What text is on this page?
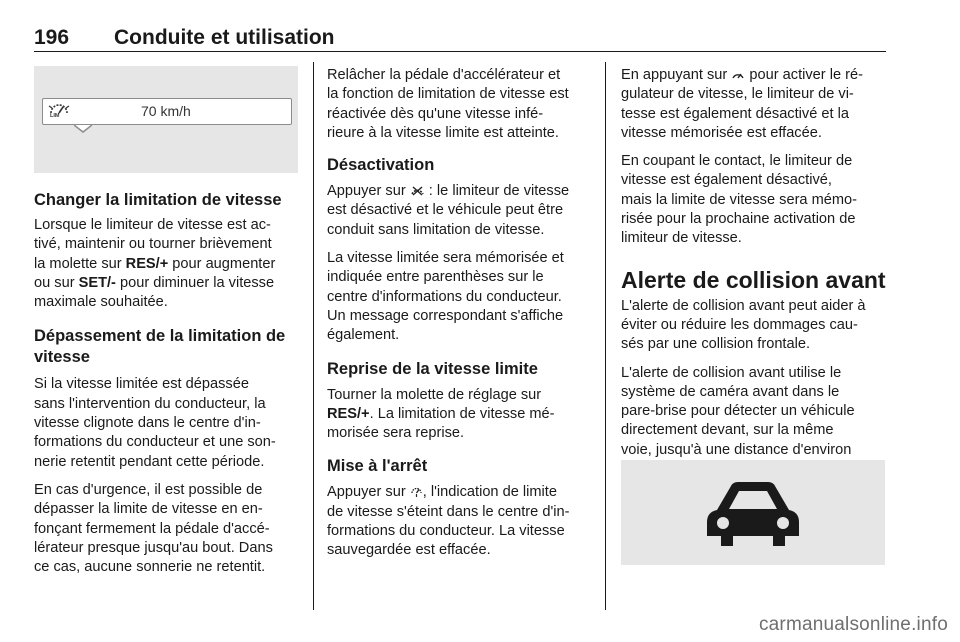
196 Conduite et utilisation
LIM	70 km/h
Changer la limitation de vitesse

Lorsque le limiteur de vitesse est ac-
tivé, maintenir ou tourner brièvement
la molette sur RES/+ pour augmenter
ou sur SET/- pour diminuer la vitesse
maximale souhaitée.

Dépassement de la limitation de
vitesse

Si la vitesse limitée est dépassée
sans l'intervention du conducteur, la
vitesse clignote dans le centre d'in-
formations du conducteur et une son-
nerie retentit pendant cette période.

En cas d'urgence, il est possible de
dépasser la limite de vitesse en en-
fonçant fermement la pédale d'accé-
lérateur presque jusqu'au bout. Dans
ce cas, aucune sonnerie ne retentit.

Relâcher la pédale d'accélérateur et
la fonction de limitation de vitesse est
réactivée dès qu'une vitesse infé-
rieure à la vitesse limite est atteinte.

Désactivation

Appuyer sur  : le limiteur de vitesse
est désactivé et le véhicule peut être
conduit sans limitation de vitesse.

La vitesse limitée sera mémorisée et
indiquée entre parenthèses sur le
centre d'informations du conducteur.
Un message correspondant s'affiche
également.

Reprise de la vitesse limite

Tourner la molette de réglage sur
RES/+. La limitation de vitesse mé-
morisée sera reprise.

Mise à l'arrêt

Appuyer sur , l'indication de limite
de vitesse s'éteint dans le centre d'in-
formations du conducteur. La vitesse
sauvegardée est effacée.

En appuyant sur  pour activer le ré-
gulateur de vitesse, le limiteur de vi-
tesse est également désactivé et la
vitesse mémorisée est effacée.

En coupant le contact, le limiteur de
vitesse est également désactivé,
mais la limite de vitesse sera mémo-
risée pour la prochaine activation de
limiteur de vitesse.

Alerte de collision avant

L'alerte de collision avant peut aider à
éviter ou réduire les dommages cau-
sés par une collision frontale.

L'alerte de collision avant utilise le
système de caméra avant dans le
pare-brise pour détecter un véhicule
directement devant, sur la même
voie, jusqu'à une distance d'environ

carmanualsonline.info
